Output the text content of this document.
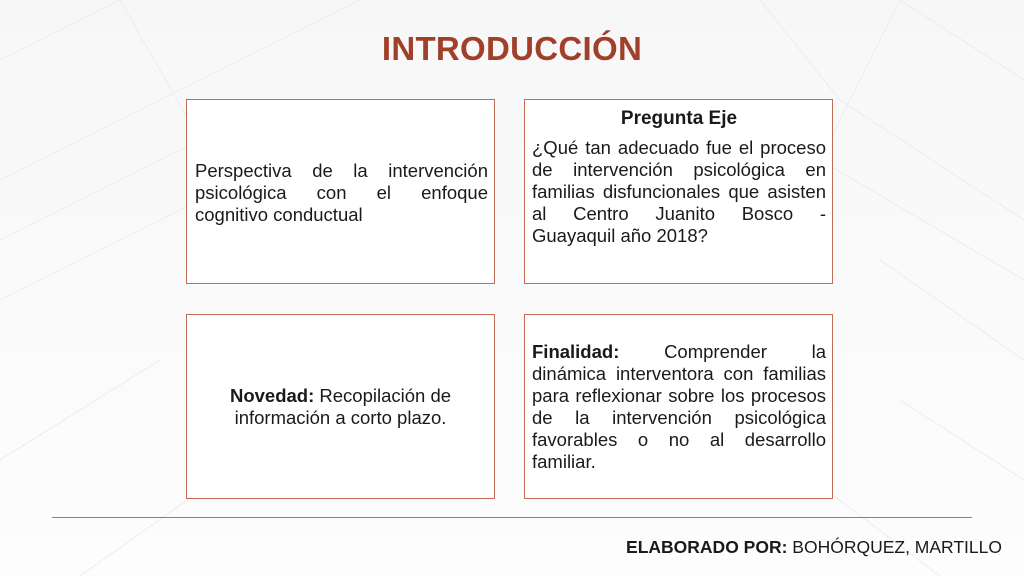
INTRODUCCIÓN
Perspectiva de la intervención psicológica con el enfoque cognitivo conductual
Pregunta Eje
¿Qué tan adecuado fue el proceso de intervención psicológica en familias disfuncionales que asisten al Centro Juanito Bosco - Guayaquil año 2018?
Novedad: Recopilación de información a corto plazo.
Finalidad: Comprender la dinámica interventora con familias para reflexionar sobre los procesos de la intervención psicológica favorables o no al desarrollo familiar.
ELABORADO POR: BOHÓRQUEZ, MARTILLO
